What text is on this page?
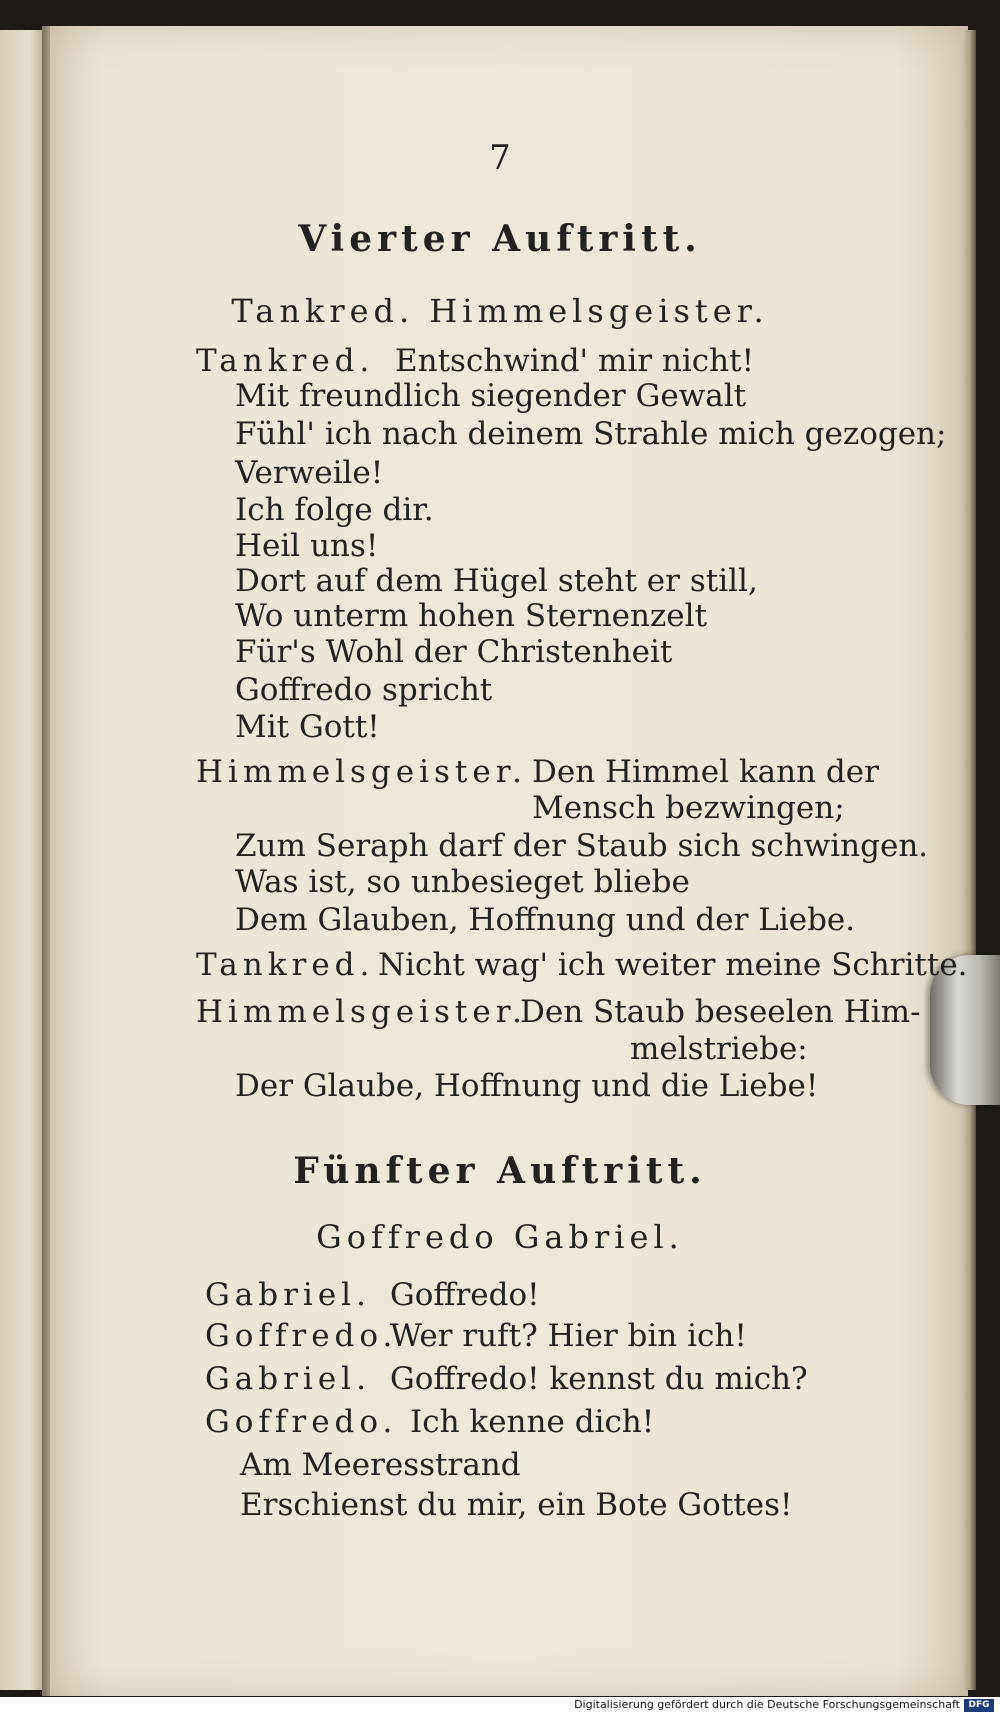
7
Vierter Auftritt.
Tankred. Himmelsgeister.
Tankred. Entschwind' mir nicht!
Mit freundlich siegender Gewalt
Fühl' ich nach deinem Strahle mich gezogen;
Verweile!
Ich folge dir.
Heil uns!
Dort auf dem Hügel steht er still,
Wo unterm hohen Sternenzelt
Für's Wohl der Christenheit
Goffredo spricht
Mit Gott!
Himmelsgeister. Den Himmel kann der
Mensch bezwingen;
Zum Seraph darf der Staub sich schwingen.
Was ist, so unbesieget bliebe
Dem Glauben, Hoffnung und der Liebe.
Tankred. Nicht wag' ich weiter meine Schritte.
Himmelsgeister.
Den Staub beseelen Him-
melstriebe:
Der Glaube, Hoffnung und die Liebe!
Fünfter Auftritt.
Goffredo Gabriel.
Gabriel. Goffredo!
Goffredo.
Wer ruft? Hier bin ich!
Gabriel. Goffredo! kennst du mich?
Goffredo. Ich kenne dich!
Am Meeresstrand
Erschienst du mir, ein Bote Gottes!
Digitalisierung gefördert durch die Deutsche Forschungsgemeinschaft DFG
